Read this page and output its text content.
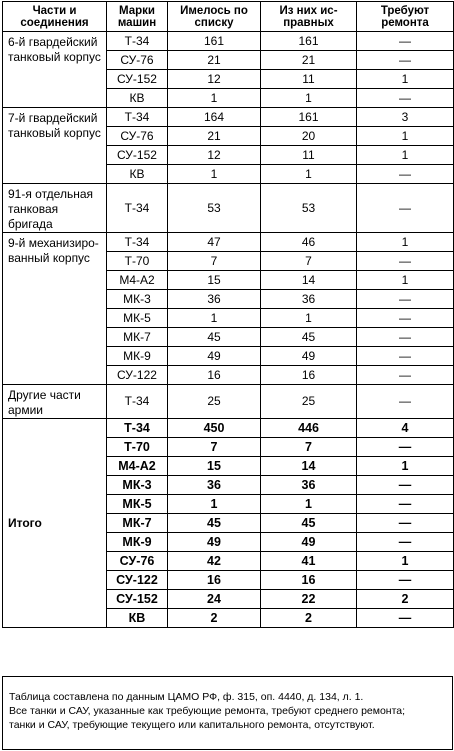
Части и соединения	Марки машин	Имелось по списку	Из них исправных	Требуют ремонта
6-й гвардейский танковый корпус	Т-34	161	161	—
	СУ-76	21	21	—
	СУ-152	12	11	1
	КВ	1	1	—
7-й гвардейский танковый корпус	Т-34	164	161	3
	СУ-76	21	20	1
	СУ-152	12	11	1
	КВ	1	1	—
91-я отдельная танковая бригада	Т-34	53	53	—
9-й механизированный корпус	Т-34	47	46	1
	Т-70	7	7	—
	М4-А2	15	14	1
	МК-3	36	36	—
	МК-5	1	1	—
	МК-7	45	45	—
	МК-9	49	49	—
	СУ-122	16	16	—
Другие части армии	Т-34	25	25	—
Итого	Т-34	450	446	4
	Т-70	7	7	—
	М4-А2	15	14	1
	МК-3	36	36	—
	МК-5	1	1	—
	МК-7	45	45	—
	МК-9	49	49	—
	СУ-76	42	41	1
	СУ-122	16	16	—
	СУ-152	24	22	2
	КВ	2	2	—
Таблица составлена по данным ЦАМО РФ, ф. 315, оп. 4440, д. 134, л. 1.
Все танки и САУ, указанные как требующие ремонта, требуют среднего ремонта;
танки и САУ, требующие текущего или капитального ремонта, отсутствуют.
